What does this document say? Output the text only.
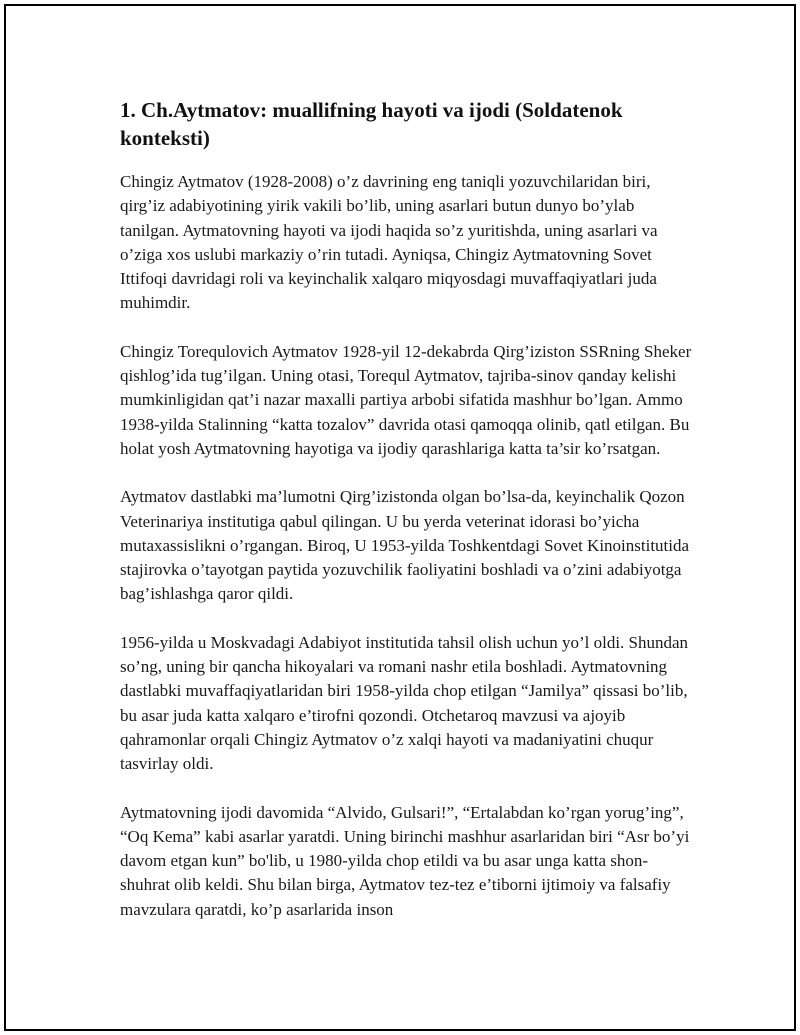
1. Ch.Aytmatov: muallifning hayoti va ijodi (Soldatenok konteksti)

Chingiz Aytmatov (1928-2008) o’z davrining eng taniqli yozuvchilaridan biri, qirg’iz adabiyotining yirik vakili bo’lib, uning asarlari butun dunyo bo’ylab tanilgan. Aytmatovning hayoti va ijodi haqida so’z yuritishda, uning asarlari va o’ziga xos uslubi markaziy o’rin tutadi. Ayniqsa, Chingiz Aytmatovning Sovet Ittifoqi davridagi roli va keyinchalik xalqaro miqyosdagi muvaffaqiyatlari juda muhimdir.

Chingiz Torequlovich Aytmatov 1928-yil 12-dekabrda Qirg’iziston SSRning Sheker qishlog’ida tug’ilgan. Uning otasi, Torequl Aytmatov, tajriba-sinov qanday kelishi mumkinligidan qat’i nazar maxalli partiya arbobi sifatida mashhur bo’lgan. Ammo 1938-yilda Stalinning “katta tozalov” davrida otasi qamoqqa olinib, qatl etilgan. Bu holat yosh Aytmatovning hayotiga va ijodiy qarashlariga katta ta’sir ko’rsatgan.

Aytmatov dastlabki ma’lumotni Qirg’izistonda olgan bo’lsa-da, keyinchalik Qozon Veterinariya institutiga qabul qilingan. U bu yerda veterinat idorasi bo’yicha mutaxassislikni o’rgangan. Biroq, U 1953-yilda Toshkentdagi Sovet Kinoinstitutida stajirovka o’tayotgan paytida yozuvchilik faoliyatini boshladi va o’zini adabiyotga bag’ishlashga qaror qildi.

1956-yilda u Moskvadagi Adabiyot institutida tahsil olish uchun yo’l oldi. Shundan so’ng, uning bir qancha hikoyalari va romani nashr etila boshladi. Aytmatovning dastlabki muvaffaqiyatlaridan biri 1958-yilda chop etilgan “Jamilya” qissasi bo’lib, bu asar juda katta xalqaro e’tirofni qozondi. Otchetaroq mavzusi va ajoyib qahramonlar orqali Chingiz Aytmatov o’z xalqi hayoti va madaniyatini chuqur tasvirlay oldi.

Aytmatovning ijodi davomida “Alvido, Gulsari!”, “Ertalabdan ko’rgan yorug’ing”, “Oq Kema” kabi asarlar yaratdi. Uning birinchi mashhur asarlaridan biri “Asr bo’yi davom etgan kun” bo'lib, u 1980-yilda chop etildi va bu asar unga katta shon-shuhrat olib keldi. Shu bilan birga, Aytmatov tez-tez e’tiborni ijtimoiy va falsafiy mavzulara qaratdi, ko’p asarlarida inson
